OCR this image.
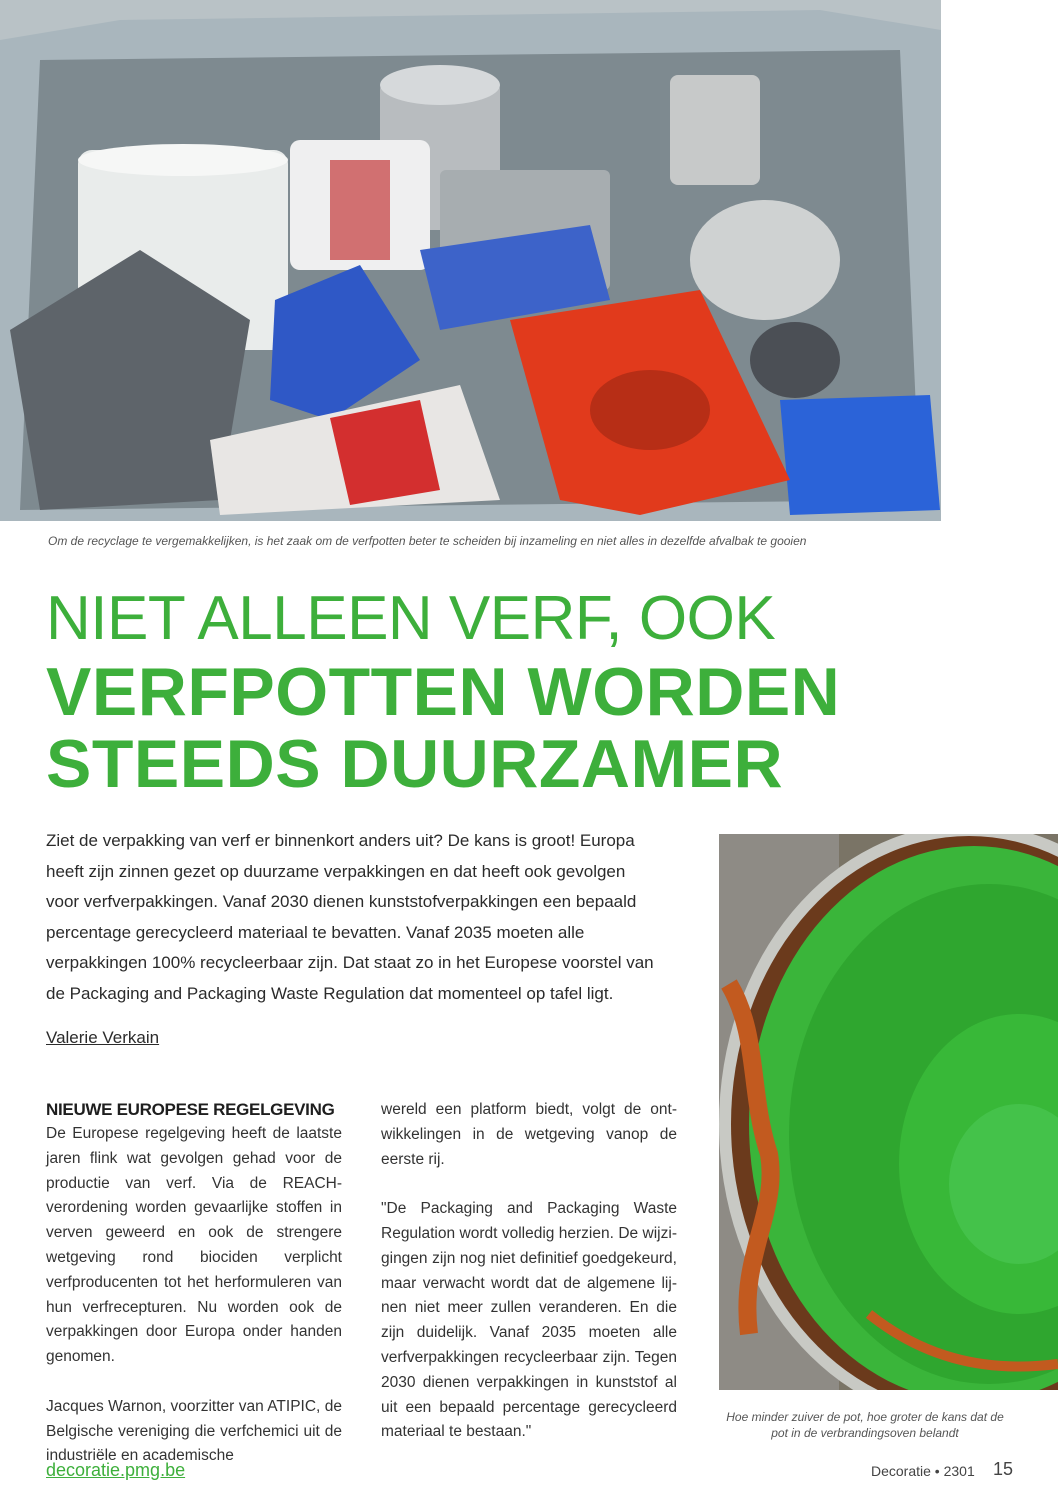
Om de recyclage te vergemakkelijken, is het zaak om de verfpotten beter te scheiden bij inzameling en niet alles in dezelfde afvalbak te gooien
NIET ALLEEN VERF, OOK
VERFPOTTEN WORDEN
STEEDS DUURZAMER
Ziet de verpakking van verf er binnenkort anders uit? De kans is groot! Europa heeft zijn zinnen gezet op duurzame verpakkingen en dat heeft ook gevolgen voor verfverpakkingen. Vanaf 2030 dienen kunststofverpakkingen een bepaald percentage gerecycleerd materiaal te bevatten. Vanaf 2035 moeten alle verpakkingen 100% recycleerbaar zijn. Dat staat zo in het Europese voorstel van de Packaging and Packaging Waste Regulation dat momenteel op tafel ligt.
Valerie Verkain
NIEUWE EUROPESE REGELGEVING

De Europese regelgeving heeft de laatste jaren flink wat gevolgen gehad voor de productie van verf. Via de REACH-verordening worden gevaarlijke stoffen in verven geweerd en ook de strengere wetgeving rond biociden verplicht verfproducenten tot het herformuleren van hun verfrecepturen. Nu worden ook de verpakkingen door Europa onder handen genomen.

Jacques Warnon, voorzitter van ATIPIC, de Belgische vereniging die verfchemici uit de industriële en academische

wereld een platform biedt, volgt de ontwikkelingen in de wetgeving vanop de eerste rij.

"De Packaging and Packaging Waste Regulation wordt volledig herzien. De wijzigingen zijn nog niet definitief goedgekeurd, maar verwacht wordt dat de algemene lijnen niet meer zullen veranderen. En die zijn duidelijk. Vanaf 2035 moeten alle verfverpakkingen recycleerbaar zijn. Tegen 2030 dienen verpakkingen in kunststof al uit een bepaald percentage gerecycleerd materiaal te bestaan."

Hoe minder zuiver de pot, hoe groter de kans dat de pot in de verbrandingsoven belandt
decoratie.pmg.be	Decoratie • 2301 15
